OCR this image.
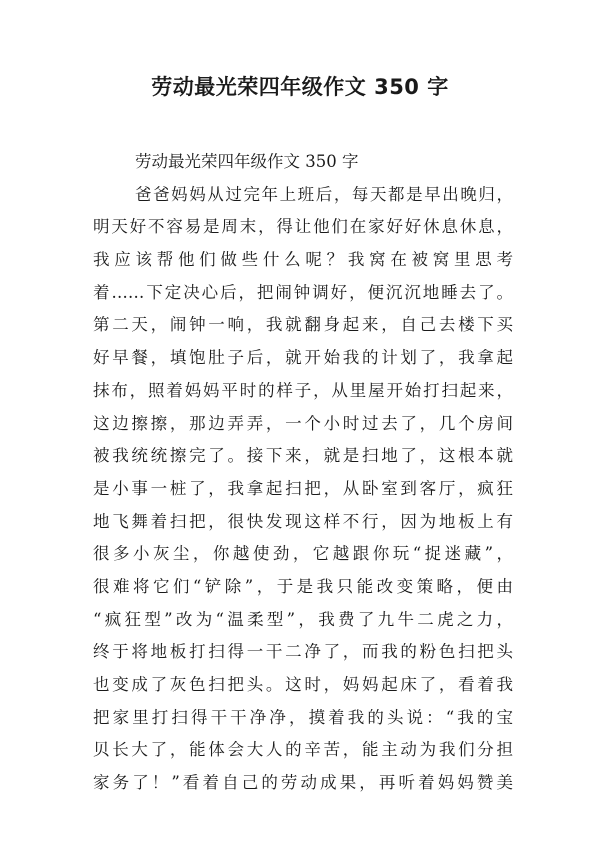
劳动最光荣四年级作文 350 字
劳动最光荣四年级作文 350 字
爸爸妈妈从过完年上班后，每天都是早出晚归，
明天好不容易是周末，得让他们在家好好休息休息，
我应该帮他们做些什么呢？我窝在被窝里思考
着……下定决心后，把闹钟调好，便沉沉地睡去了。
第二天，闹钟一响，我就翻身起来，自己去楼下买
好早餐，填饱肚子后，就开始我的计划了，我拿起
抹布，照着妈妈平时的样子，从里屋开始打扫起来，
这边擦擦，那边弄弄，一个小时过去了，几个房间
被我统统擦完了。接下来，就是扫地了，这根本就
是小事一桩了，我拿起扫把，从卧室到客厅，疯狂
地飞舞着扫把，很快发现这样不行，因为地板上有
很多小灰尘，你越使劲，它越跟你玩“捉迷藏”，
很难将它们“铲除”，于是我只能改变策略，便由
“疯狂型”改为“温柔型”，我费了九牛二虎之力，
终于将地板打扫得一干二净了，而我的粉色扫把头
也变成了灰色扫把头。这时，妈妈起床了，看着我
把家里打扫得干干净净，摸着我的头说：“我的宝
贝长大了，能体会大人的辛苦，能主动为我们分担
家务了！”看着自己的劳动成果，再听着妈妈赞美
